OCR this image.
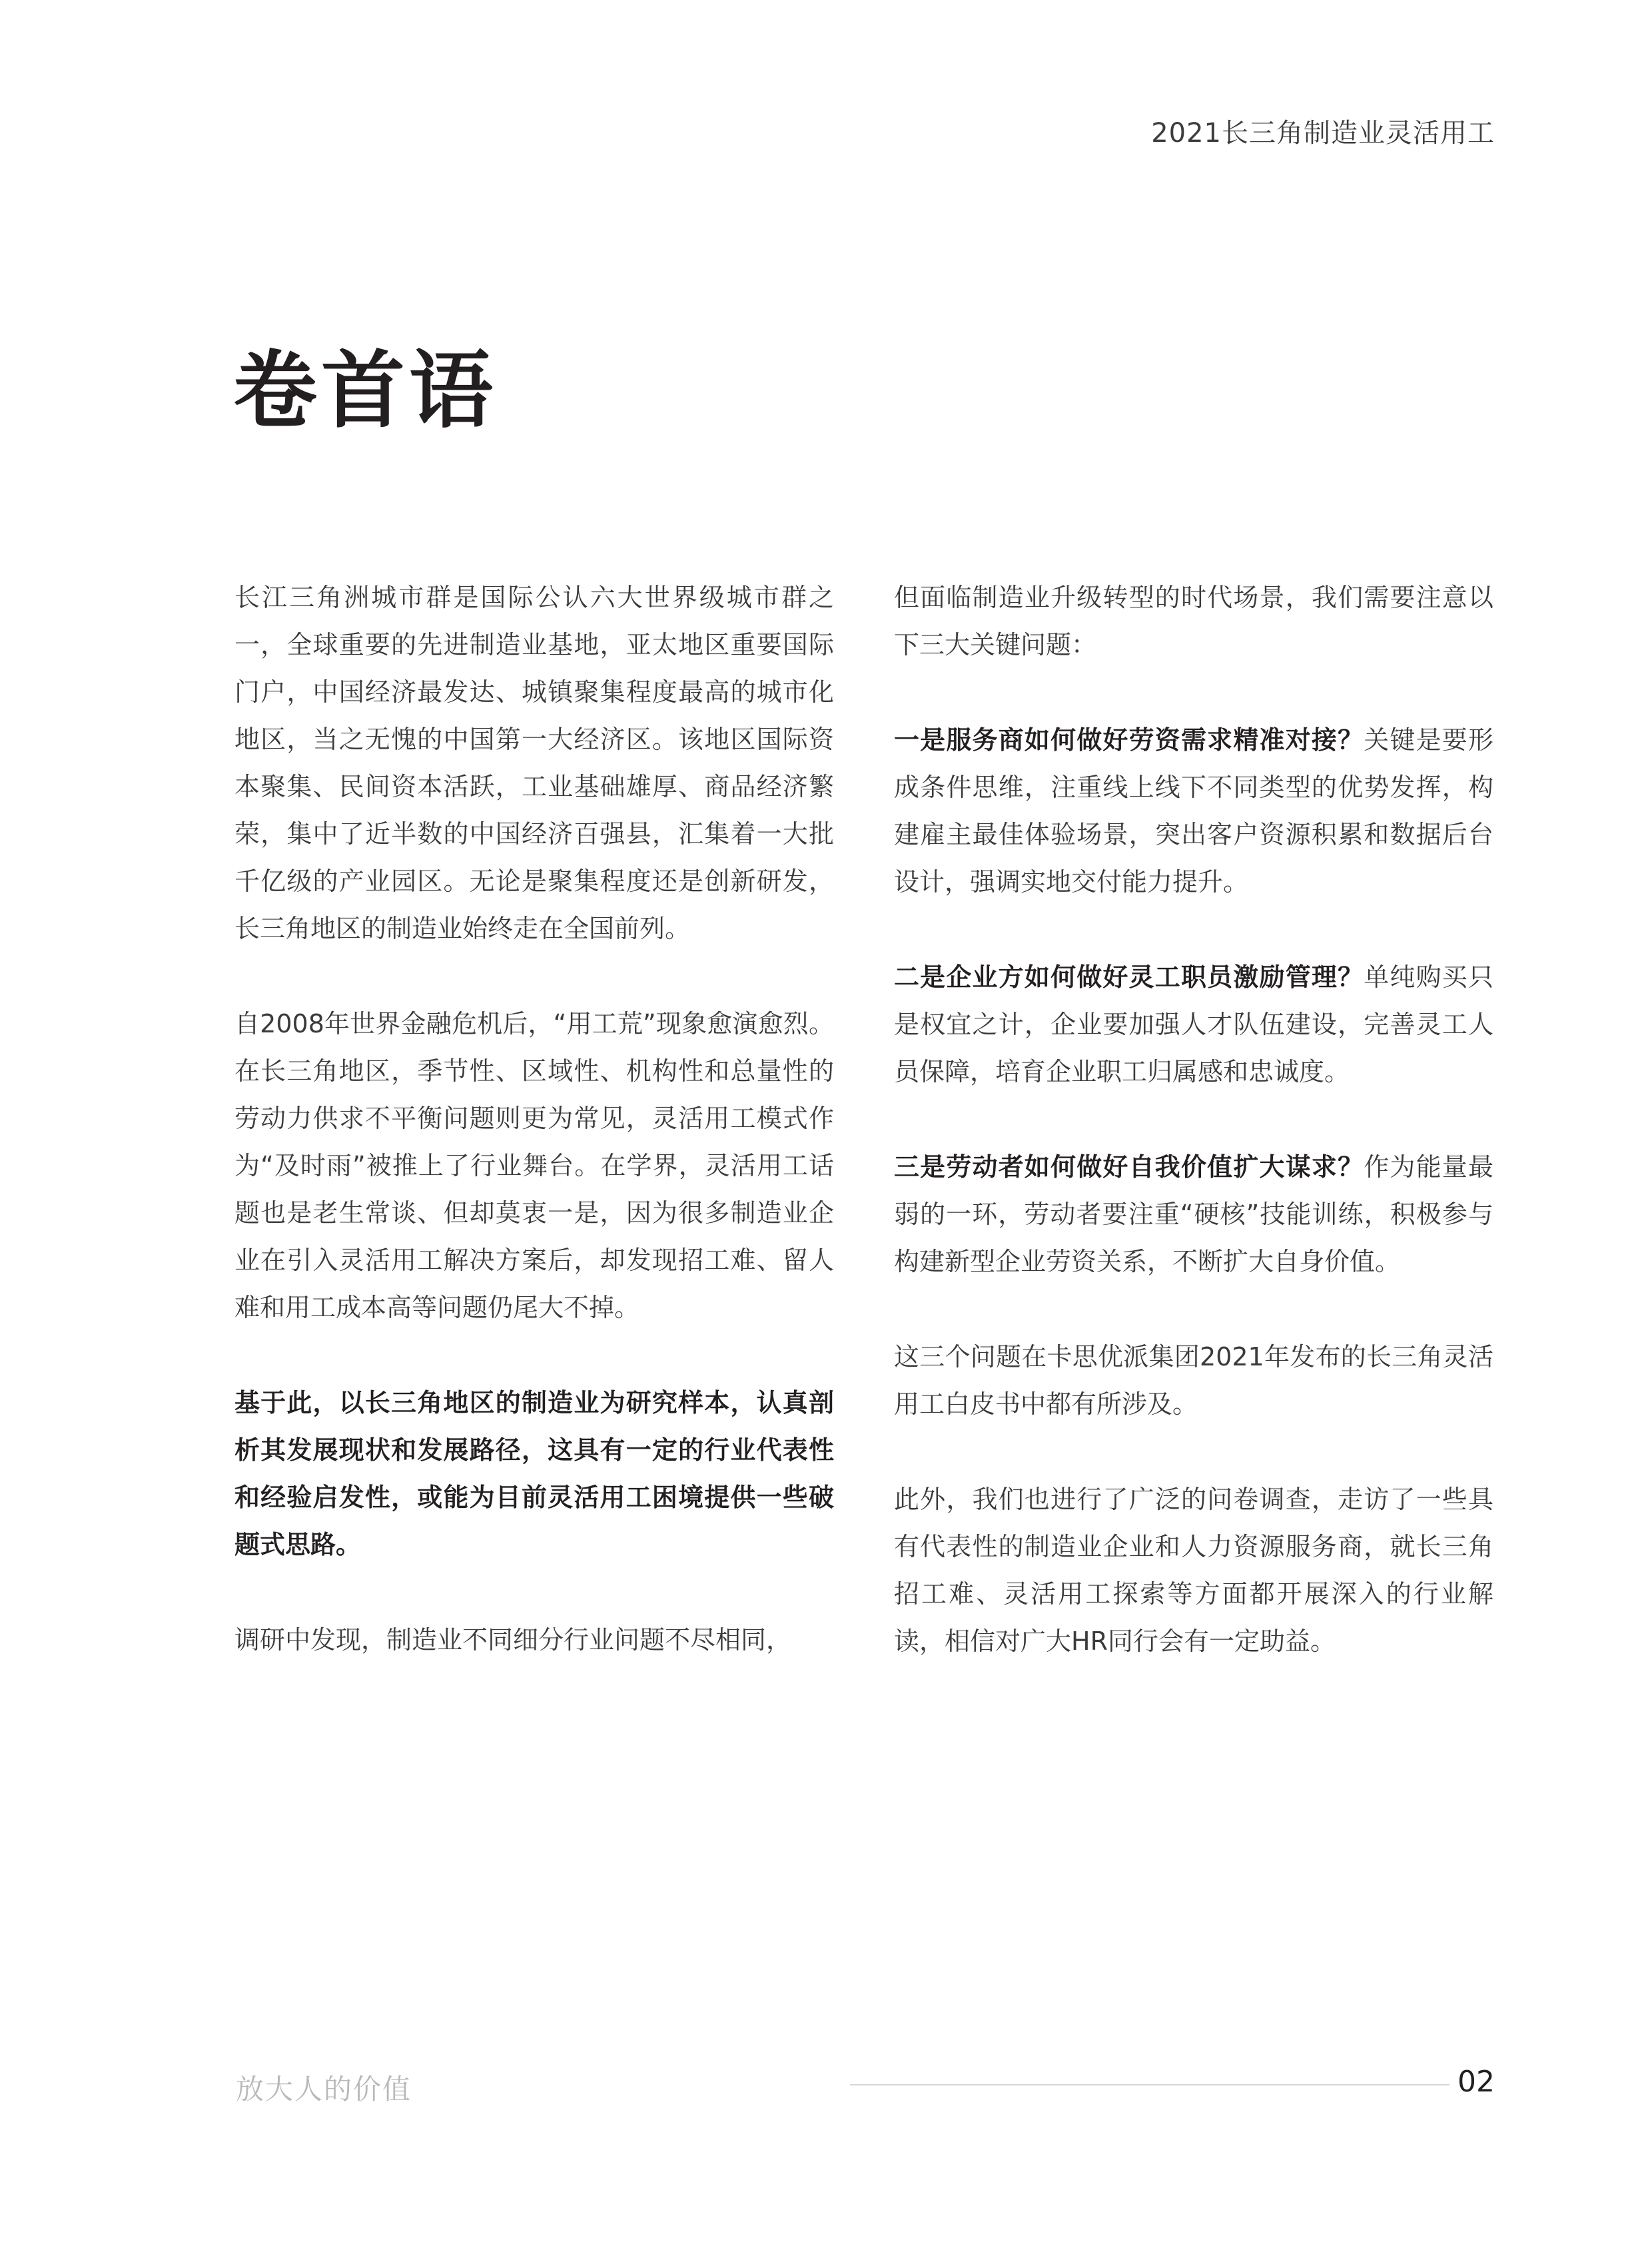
2021长三角制造业灵活用工
卷首语

长江三角洲城市群是国际公认六大世界级城市群之一，全球重要的先进制造业基地，亚太地区重要国际门户，中国经济最发达、城镇聚集程度最高的城市化地区，当之无愧的中国第一大经济区。该地区国际资本聚集、民间资本活跃，工业基础雄厚、商品经济繁荣，集中了近半数的中国经济百强县，汇集着一大批千亿级的产业园区。无论是聚集程度还是创新研发，长三角地区的制造业始终走在全国前列。

自2008年世界金融危机后，“用工荒”现象愈演愈烈。在长三角地区，季节性、区域性、机构性和总量性的劳动力供求不平衡问题则更为常见，灵活用工模式作为“及时雨”被推上了行业舞台。在学界，灵活用工话题也是老生常谈、但却莫衷一是，因为很多制造业企业在引入灵活用工解决方案后，却发现招工难、留人难和用工成本高等问题仍尾大不掉。

基于此，以长三角地区的制造业为研究样本，认真剖析其发展现状和发展路径，这具有一定的行业代表性和经验启发性，或能为目前灵活用工困境提供一些破题式思路。

调研中发现，制造业不同细分行业问题不尽相同，

但面临制造业升级转型的时代场景，我们需要注意以下三大关键问题：

一是服务商如何做好劳资需求精准对接？关键是要形成条件思维，注重线上线下不同类型的优势发挥，构建雇主最佳体验场景，突出客户资源积累和数据后台设计，强调实地交付能力提升。

二是企业方如何做好灵工职员激励管理？单纯购买只是权宜之计，企业要加强人才队伍建设，完善灵工人员保障，培育企业职工归属感和忠诚度。

三是劳动者如何做好自我价值扩大谋求？作为能量最弱的一环，劳动者要注重“硬核”技能训练，积极参与构建新型企业劳资关系，不断扩大自身价值。

这三个问题在卡思优派集团2021年发布的长三角灵活用工白皮书中都有所涉及。

此外，我们也进行了广泛的问卷调查，走访了一些具有代表性的制造业企业和人力资源服务商，就长三角招工难、灵活用工探索等方面都开展深入的行业解读，相信对广大HR同行会有一定助益。

放大人的价值	02
